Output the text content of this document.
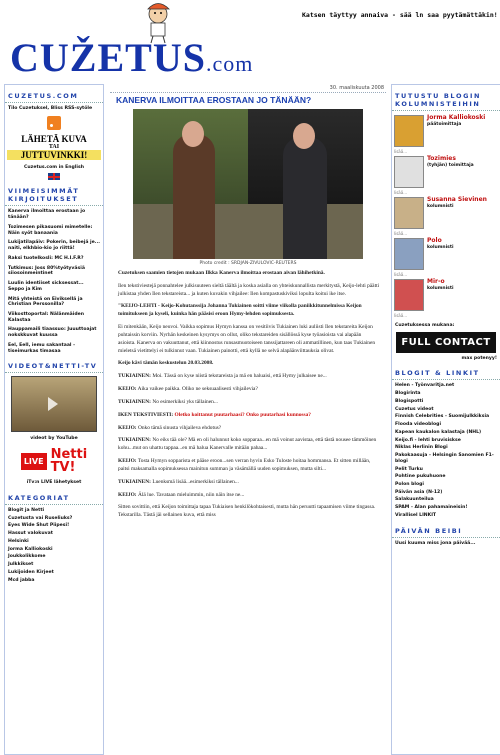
CUŽETUS.com
Katsen täyttyy annaiva - sää ln saa pyytämättäkin!
CUZETUS.COM
Tilo Cuzetuksel, Bliss RSS-sytöle
LÄHETÄ KUVA
TAI
JUTTUVINKKI!
Cuzetus.com in English
VIIMEISIMMÄT KIRJOITUKSET
Kanerva ilmoittaa erostaan jo tänään?
Tozimesen pikasuomi mimetelle: Näin syöt banaania
Lukijatilapäiv: Pokerin, beibejä je... naiti, elkhbio-kio jo riittä!
Raksi tuotelkosli: MC H.I.F.R?
Tutkimus: Joss 80%työtyväsiä siiosoinmeintinet
Luulin identiiset sicksessat... Seppo ja Kim
Mitä yhteistä on Eiviksellä ja Christian Perssonilla?
Viikosttoportal: Nälänmäiden Kalastaa
Hauppamaili tiaassuo: Juuuttoajat nokskkuvat kuussa
Eel, Eell, iemu sakantaal - tiseimurkas timasaa
VIDEOT&NETTI-TV
videot by YouTube
LIVE Netti
TV!
iTv:n LIVE lähetykset
KATEGORIAT
Blogit ja Netti
Cuzetusta vai Ruseliuks?
Eyes Wide Shut Piipesi!
Hassut valokuvat
Helsinki
Jorma Kalliokoski
Joukkolikkome
Julkkikset
Lukijoiden Kirjeet
Mcd jabba
30. maaliskuuta 2008
KANERVA ILMOITTAA EROSTAAN JO TÄNÄÄN?
Photo credit : SRDJAN-ZIVULOVIC-REUTERS

Cuzetuksen saamien tietojen mukaan Ilkka Kanerva ilmoittaa erostaan aivan lähihetkinä.

Ilen tekstiviestejä ponnahtelee julkisuuteen sieltä täältä ja koska asialla on yhteiskunnallista merkitystä, Keijo-lehti päätti julkistaa yhden Ilen tekstareista... ja kuten kuvakin vihjailee: Ilen kompastuskiviksi lopulta koitui ike itse.

"KEIJO-LEHTI - Keijo-Kohutanssija Johanna Tukiainen soitti viime viikolla paniikkitunnelmissa Keijon toimitukseen ja kyseli, kuinka hän pääsisi eroon Hymy-lehden sopimuksesta.

Ei mitenkään, Keijo neuvoi. Vaikka sopimus Hymyn kanssa on vesitiivis Tukiainen luki auliisti Ilen tekstareita Keijon puhtaissin korviin. Nyrhän keskeinen kysymys on ollut, oliko tekstareiden sisällössä kyse työasioista vai alapään asioista. Kanerva on vakuuttanut, että kiinnostus runsasmuotoiseen tanssijattareen oli ammatillinen, kun taas Tukiainen mieletsä vietittelyi ei tulkinnut vaan. Tukiainen painotti, että kyllä ne selvä alapäänviittauksia olivat.

Keijo kävi tämän keskustelun 20.03.2008.

TUKIAINEN: Moi. Tässä on kyse niistä tekstareista ja mä en haluaisi, että Hymy julkaisee ne...

KEIJO: Aika vaikee paikka. Oliko ne seksuaalisesti vihjailevia?

TUKIAINEN: No esimerkiksi yks tällainen...

IKEN TEKSTIVIESTI: Oletko koittanut puutarhaasi? Onko puutarhasi kunnossa?

KEIJO: Onko tämä sinusta vihjaileva ehdotus?

TUKIAINEN: No eiks tää ole? Mä en oli halunnut koko sopparaa...en mä voinut aavistaa, että tästä nousee tämmöinen kohu...mut on uhattu tappaa...en mä halua Kanervalle mitään pahaa...

KEIJO: Tosta Hymyn sopparista et pääse eroon...sen verran hyvin Esko Tuloste hoitaa hommansa. Et sitten millään, paitsi maksamalla sopimuksessa mainitun summan ja väsämällä uuden sopimuksen, mutta silti...

TUKIAINEN: Luenksmä lisää...esimerkiksi tällainen...

KEIJO: Älä lue. Tavataan mieluimmin, niin näin itse ne...

Sitten sovittiin, että Keijon toimittaja tapaa Tukiaisen henkilökohtaisesti, mutta hän peruutti tapaamisen viime tingassa. Tekstarilla. Tästä jäi sellainen kuva, että miss

TUTUSTU BLOGIN KOLUMNISTEIHIN
Jorma Kalliokoski
päätoimittaja
lisää...
Tozimies
(tyhjän) toimittaja
lisää...
Susanna Sievinen
kolumnisti
lisää...
Polo
kolumnisti
lisää...
Mir-o
kolumnisti
lisää...
Cuzetuksessa mukana:
FULL CONTACT
max potenyy!
BLOGIT & LINKIT
Helen - Työnvaritja.net
Blogirinta
Blogispotti
Cuzetus videot
Finnish Celebrities - Suomijulkkiksia
Flooda videoblogi
Kapean kaukalon kalastaja (NHL)
Keijo.fi - lehti bruvisiskse
Niklas Herlinin Blogi
Pakokaasuja - Helsingin Sanomien F1-blogi
Pelit Turku
Pohtine pukuhuone
Polon blogi
Päivän asia (N-12)
Salakuunteilua
SPAM - Alan pahamaineisin!
Virallisel LINKIT
PÄIVÄN BEIBI
Uusi kuuma miss jona päivää...
